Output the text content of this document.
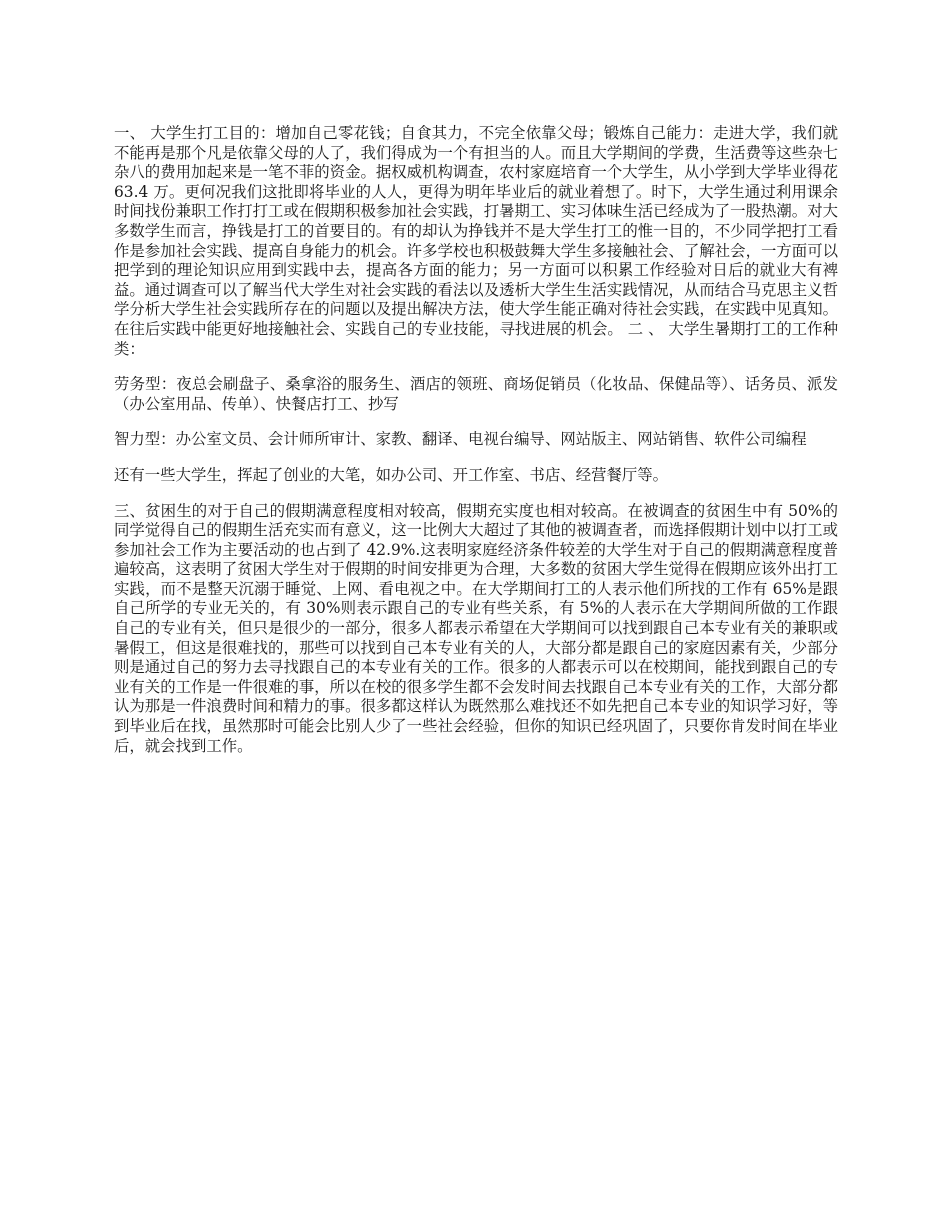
一、 大学生打工目的：增加自己零花钱；自食其力，不完全依靠父母；锻炼自己能力：走进大学，我们就不能再是那个凡是依靠父母的人了，我们得成为一个有担当的人。而且大学期间的学费，生活费等这些杂七杂八的费用加起来是一笔不菲的资金。据权威机构调查，农村家庭培育一个大学生，从小学到大学毕业得花 63.4 万。更何况我们这批即将毕业的人人，更得为明年毕业后的就业着想了。时下，大学生通过利用课余时间找份兼职工作打打工或在假期积极参加社会实践，打暑期工、实习体味生活已经成为了一股热潮。对大多数学生而言，挣钱是打工的首要目的。有的却认为挣钱并不是大学生打工的惟一目的，不少同学把打工看作是参加社会实践、提高自身能力的机会。许多学校也积极鼓舞大学生多接触社会、了解社会，一方面可以把学到的理论知识应用到实践中去，提高各方面的能力；另一方面可以积累工作经验对日后的就业大有裨益。通过调查可以了解当代大学生对社会实践的看法以及透析大学生生活实践情况，从而结合马克思主义哲学分析大学生社会实践所存在的问题以及提出解决方法，使大学生能正确对待社会实践，在实践中见真知。在往后实践中能更好地接触社会、实践自己的专业技能，寻找进展的机会。 二 、 大学生暑期打工的工作种类：

劳务型：夜总会刷盘子、桑拿浴的服务生、酒店的领班、商场促销员（化妆品、保健品等）、话务员、派发（办公室用品、传单）、快餐店打工、抄写

智力型：办公室文员、会计师所审计、家教、翻译、电视台编导、网站版主、网站销售、软件公司编程

还有一些大学生，挥起了创业的大笔，如办公司、开工作室、书店、经营餐厅等。

三、贫困生的对于自己的假期满意程度相对较高，假期充实度也相对较高。在被调查的贫困生中有 50%的同学觉得自己的假期生活充实而有意义，这一比例大大超过了其他的被调查者，而选择假期计划中以打工或参加社会工作为主要活动的也占到了 42.9%.这表明家庭经济条件较差的大学生对于自己的假期满意程度普遍较高，这表明了贫困大学生对于假期的时间安排更为合理，大多数的贫困大学生觉得在假期应该外出打工实践，而不是整天沉溺于睡觉、上网、看电视之中。在大学期间打工的人表示他们所找的工作有 65%是跟自己所学的专业无关的，有 30%则表示跟自己的专业有些关系，有 5%的人表示在大学期间所做的工作跟自己的专业有关，但只是很少的一部分，很多人都表示希望在大学期间可以找到跟自己本专业有关的兼职或暑假工，但这是很难找的，那些可以找到自己本专业有关的人，大部分都是跟自己的家庭因素有关，少部分则是通过自己的努力去寻找跟自己的本专业有关的工作。很多的人都表示可以在校期间，能找到跟自己的专业有关的工作是一件很难的事，所以在校的很多学生都不会发时间去找跟自己本专业有关的工作，大部分都认为那是一件浪费时间和精力的事。很多都这样认为既然那么难找还不如先把自己本专业的知识学习好，等到毕业后在找，虽然那时可能会比别人少了一些社会经验，但你的知识已经巩固了，只要你肯发时间在毕业后，就会找到工作。
